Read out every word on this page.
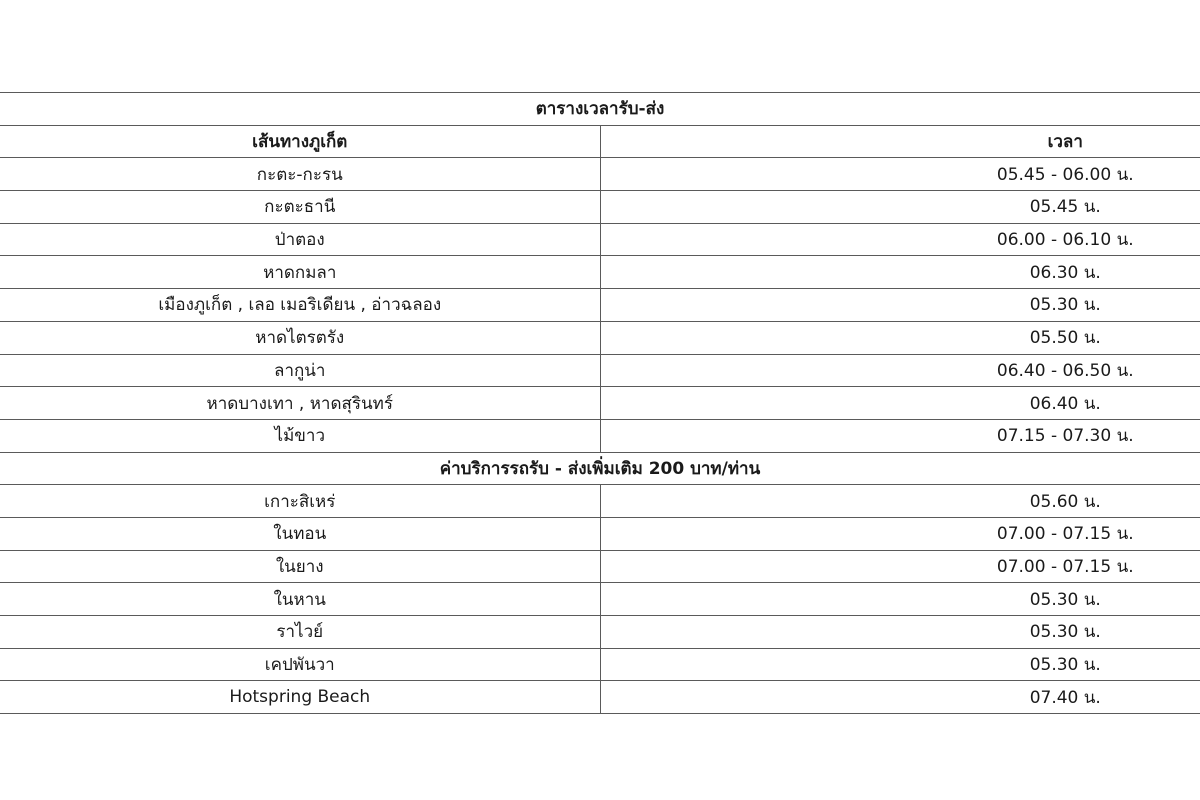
ตารางเวลารับ-ส่ง	
เส้นทางภูเก็ต	เวลา
กะตะ-กะรน	05.45 - 06.00 น.
กะตะธานี	05.45 น.
ป่าตอง	06.00 - 06.10 น.
หาดกมลา	06.30 น.
เมืองภูเก็ต , เลอ เมอริเดียน , อ่าวฉลอง	05.30 น.
หาดไตรตรัง	05.50 น.
ลากูน่า	06.40 - 06.50 น.
หาดบางเทา , หาดสุรินทร์	06.40 น.
ไม้ขาว	07.15 - 07.30 น.
ค่าบริการรถรับ - ส่งเพิ่มเติม 200 บาท/ท่าน	
เกาะสิเหร่	05.60 น.
ในทอน	07.00 - 07.15 น.
ในยาง	07.00 - 07.15 น.
ในหาน	05.30 น.
ราไวย์	05.30 น.
เคปพันวา	05.30 น.
Hotspring Beach	07.40 น.
